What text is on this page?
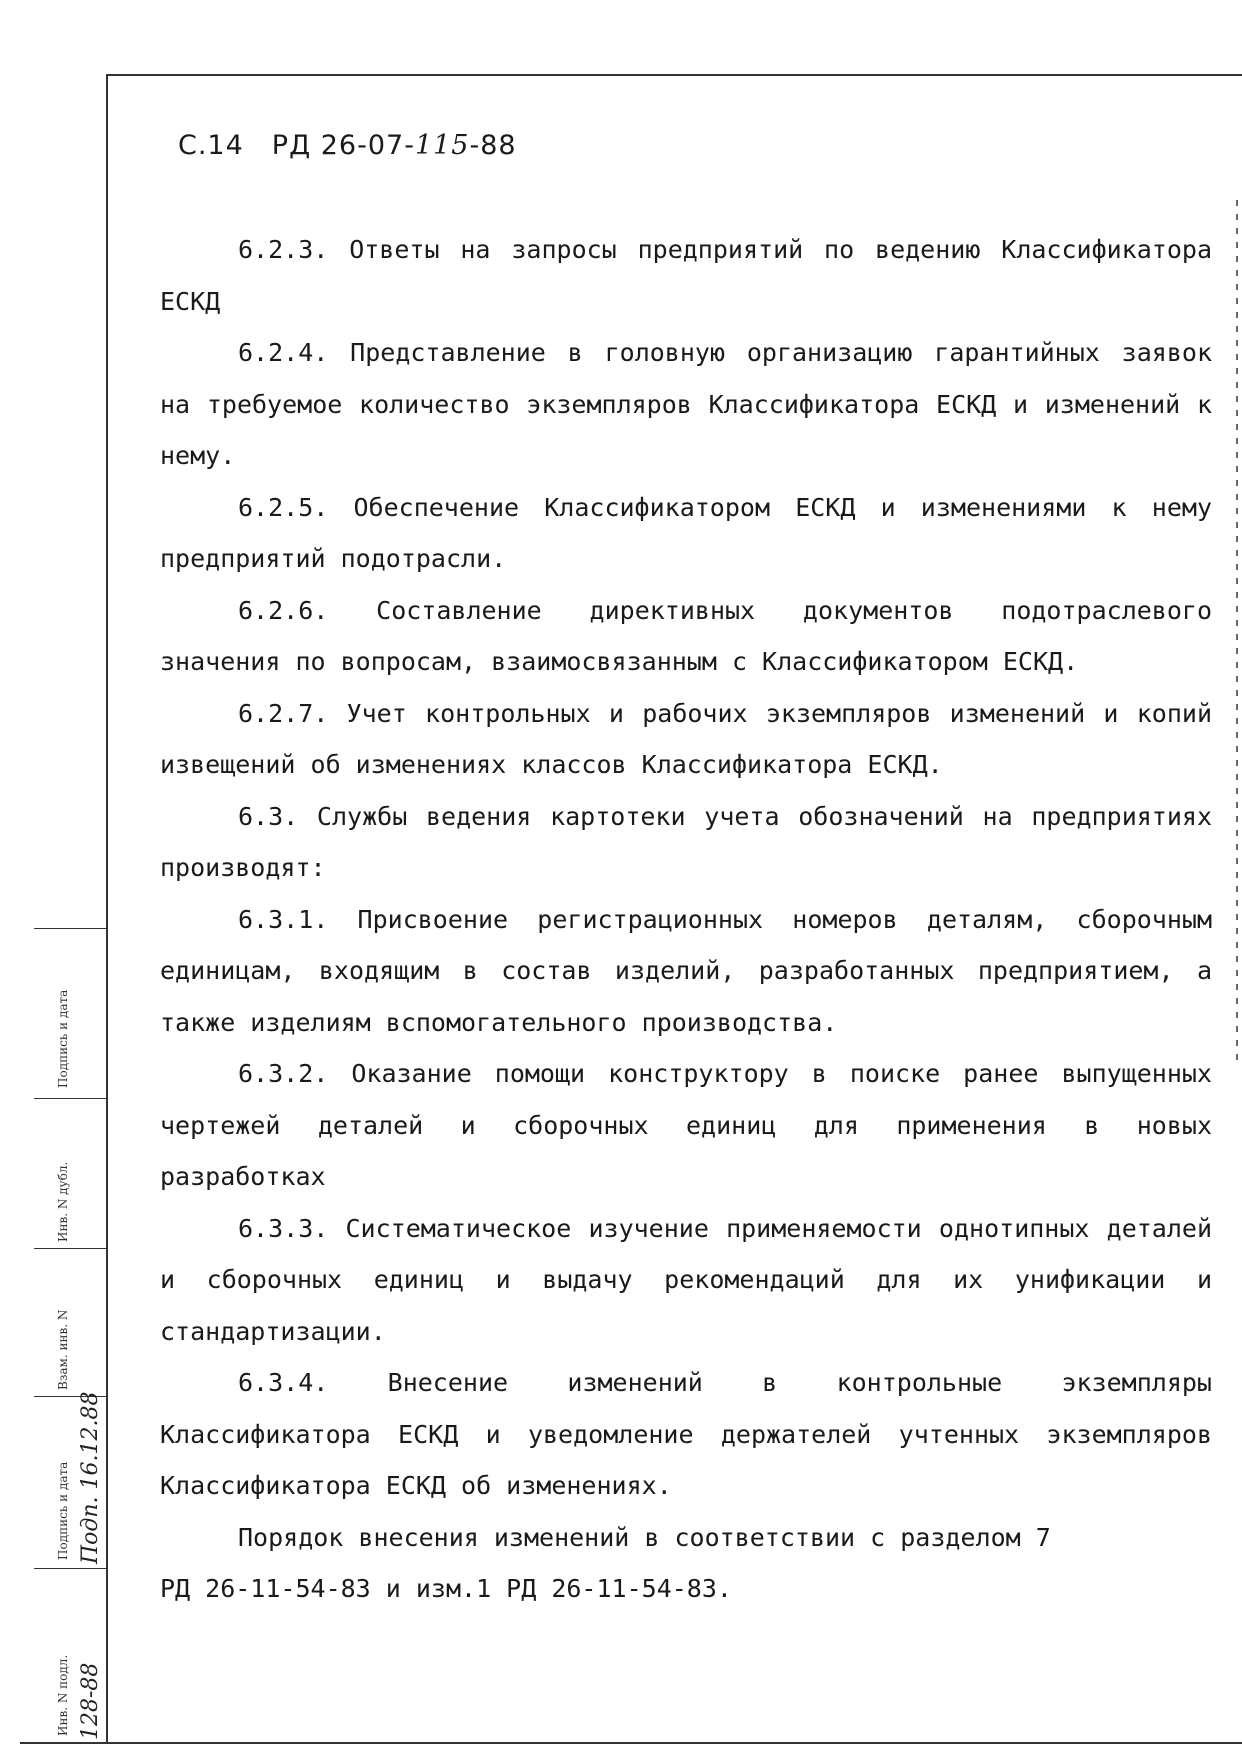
С.14 РД 26-07-115-88

6.2.3. Ответы на запросы предприятий по ведению Классификатора ЕСКД

6.2.4. Представление в головную организацию гарантийных заявок на требуемое количество экземпляров Классификатора ЕСКД и изменений к нему.

6.2.5. Обеспечение Классификатором ЕСКД и изменениями к нему предприятий подотрасли.

6.2.6. Составление директивных документов подотраслевого значения по вопросам, взаимосвязанным с Классификатором ЕСКД.

6.2.7. Учет контрольных и рабочих экземпляров изменений и копий извещений об изменениях классов Классификатора ЕСКД.

6.3. Службы ведения картотеки учета обозначений на предприятиях производят:

6.3.1. Присвоение регистрационных номеров деталям, сборочным единицам, входящим в состав изделий, разработанных предприятием, а также изделиям вспомогательного производства.

6.3.2. Оказание помощи конструктору в поиске ранее выпущенных чертежей деталей и сборочных единиц для применения в новых разработках

6.3.3. Систематическое изучение применяемости однотипных деталей и сборочных единиц и выдачу рекомендаций для их унификации и стандартизации.

6.3.4. Внесение изменений в контрольные экземпляры Классификатора ЕСКД и уведомление держателей учтенных экземпляров Классификатора ЕСКД об изменениях.

Порядок внесения изменений в соответствии с разделом 7

РД 26-11-54-83 и изм.1 РД 26-11-54-83.

Инв. N подл.
Подпись и дата
Взам. инв. N
Инв. N дубл.
Подпись и дата
128-88
Подп. 16.12.88
